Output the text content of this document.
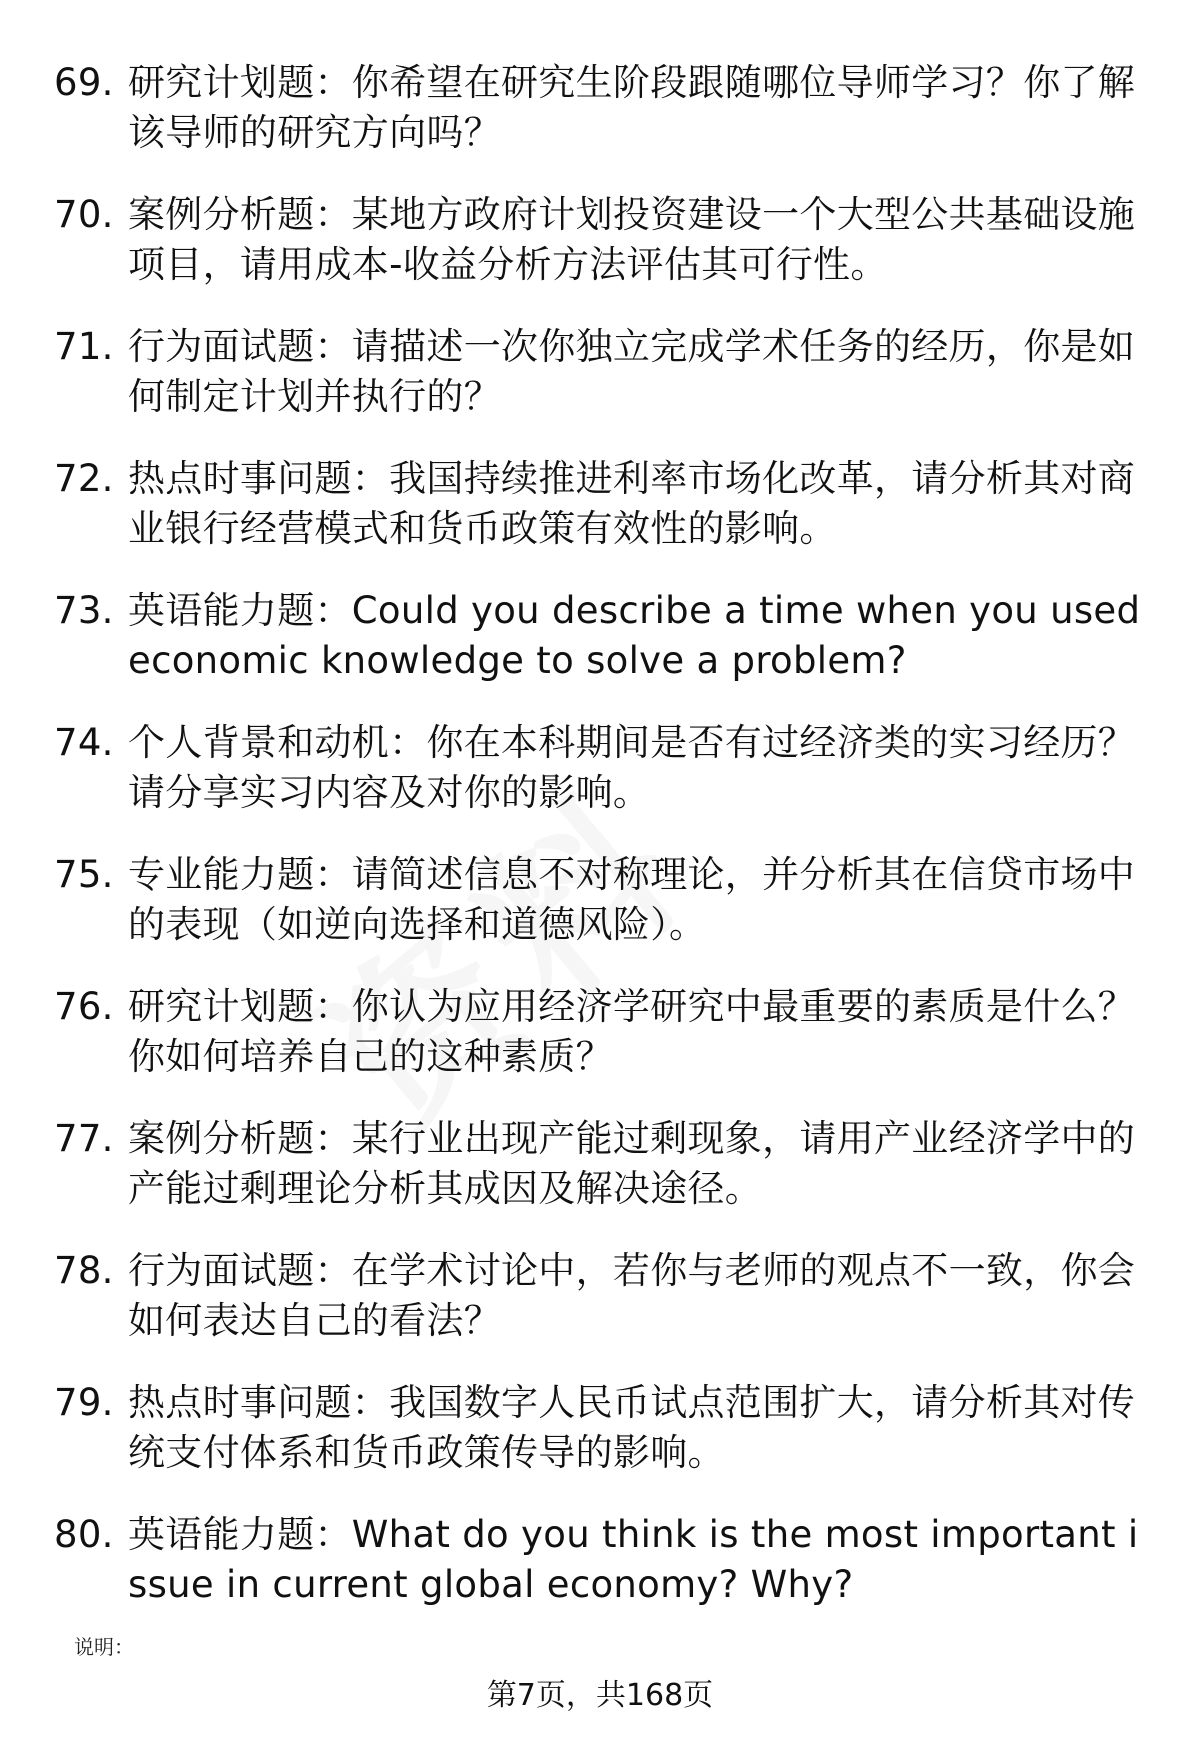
69. 研究计划题：你希望在研究生阶段跟随哪位导师学习？你了解该导师的研究方向吗？
70. 案例分析题：某地方政府计划投资建设一个大型公共基础设施项目，请用成本-收益分析方法评估其可行性。
71. 行为面试题：请描述一次你独立完成学术任务的经历，你是如何制定计划并执行的？
72. 热点时事问题：我国持续推进利率市场化改革，请分析其对商业银行经营模式和货币政策有效性的影响。
73. 英语能力题：Could you describe a time when you used economic knowledge to solve a problem?
74. 个人背景和动机：你在本科期间是否有过经济类的实习经历？请分享实习内容及对你的影响。
75. 专业能力题：请简述信息不对称理论，并分析其在信贷市场中的表现（如逆向选择和道德风险）。
76. 研究计划题：你认为应用经济学研究中最重要的素质是什么？你如何培养自己的这种素质？
77. 案例分析题：某行业出现产能过剩现象，请用产业经济学中的产能过剩理论分析其成因及解决途径。
78. 行为面试题：在学术讨论中，若你与老师的观点不一致，你会如何表达自己的看法？
79. 热点时事问题：我国数字人民币试点范围扩大，请分析其对传统支付体系和货币政策传导的影响。
80. 英语能力题：What do you think is the most important issue in current global economy? Why?
说明：
第7页，共168页
